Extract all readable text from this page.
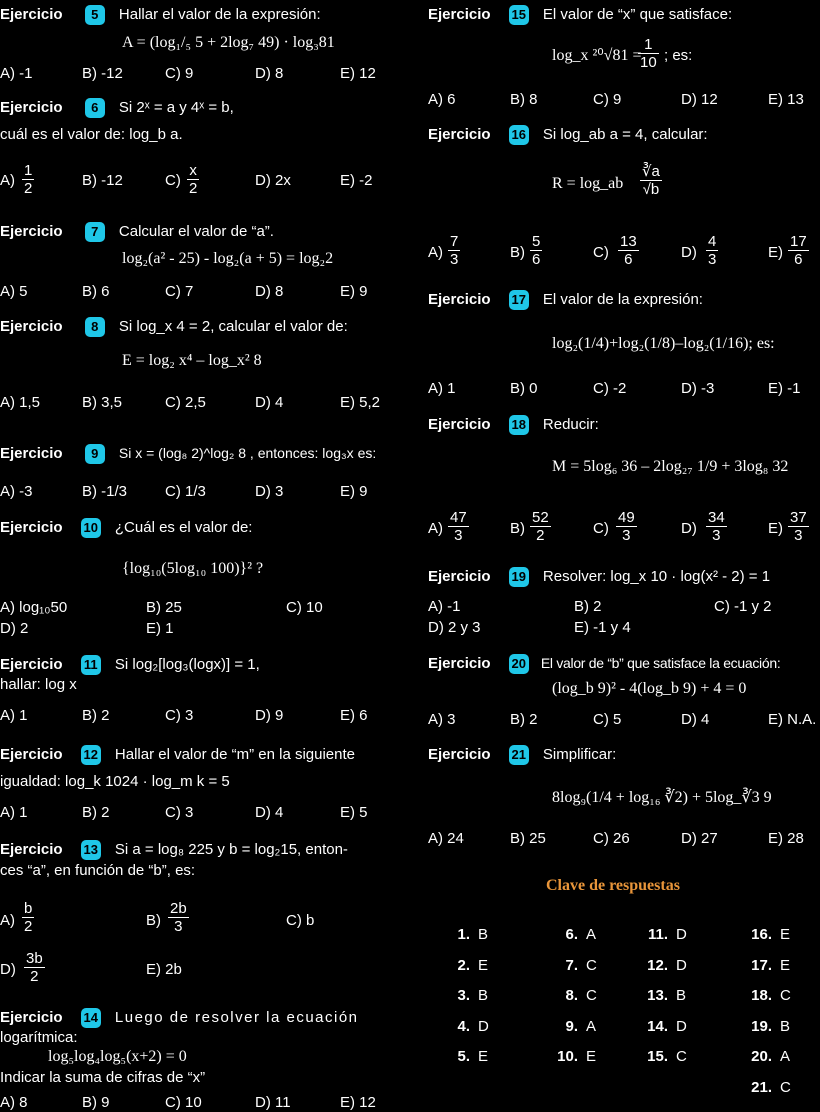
Ejercicio 5 Hallar el valor de la expresión:
A = (log₁/₅ 5 + 2log₇ 49) · log₃81
A) -1	B) -12	C) 9	D) 8	E) 12
Ejercicio 6 Si 2ˣ = a y 4ˣ = b,
cuál es el valor de: log_b a.
$A) \frac{1}{2}$	B) -12	$C) \frac{x}{2}$	D) 2x	E) -2
Ejercicio 7 Calcular el valor de “a”.
log₂(a² - 25) - log₂(a + 5) = log₂2
A) 5	B) 6	C) 7	D) 8	E) 9
Ejercicio 8 Si log_x 4 = 2, calcular el valor de:
E = log₂ x⁴ – log_x² 8
A) 1,5	B) 3,5	C) 2,5	D) 4	E) 5,2
Ejercicio 9 Si x = (log₈ 2)^log₂ 8 , entonces: log₃x es:
A) -3	B) -1/3	C) 1/3	D) 3	E) 9
Ejercicio 10 ¿Cuál es el valor de:
{log₁₀(5log₁₀ 100)}² ?
A) log₁₀50	B) 25	C) 10
D) 2	E) 1
Ejercicio 11 Si log₂[log₃(logx)] = 1,
hallar: log x
A) 1	B) 2	C) 3	D) 9	E) 6
Ejercicio 12 Hallar el valor de “m” en la siguiente
igualdad: log_k 1024 · log_m k = 5
A) 1	B) 2	C) 3	D) 4	E) 5
Ejercicio 13 Si a = log₈ 225 y b = log₂15, enton-
ces “a”, en función de “b”, es:
$A) \frac{b}{2}$	$B) \frac{2b}{3}$	C) b
$D) \frac{3b}{2}$	E) 2b
Ejercicio 14 Luego de resolver la ecuación
logarítmica:
log₅log₄log₅(x+2) = 0
Indicar la suma de cifras de “x”
A) 8	B) 9	C) 10	D) 11	E) 12
Ejercicio 15 El valor de “x” que satisface:
log_x ²⁰√81 =
$\frac{1}{10}$ ; es:
A) 6	B) 8	C) 9	D) 12	E) 13
Ejercicio 16 Si log_ab a = 4, calcular:
R = log_ab $\frac{∛a}{√b}$
$A) \frac{7}{3}$	$B) \frac{5}{6}$	$C) \frac{13}{6}$	$D) \frac{4}{3}$	$E) \frac{17}{6}$
Ejercicio 17 El valor de la expresión:
log₂(1/4)+log₂(1/8)–log₂(1/16); es:
A) 1	B) 0	C) -2	D) -3	E) -1
Ejercicio 18 Reducir:
M = 5log₆ 36 – 2log₂₇ 1/9 + 3log₈ 32
$A) \frac{47}{3}$	$B) \frac{52}{2}$	$C) \frac{49}{3}$	$D) \frac{34}{3}$	$E) \frac{37}{3}$
Ejercicio 19 Resolver: log_x 10 · log(x² - 2) = 1
A) -1	B) 2	C) -1 y 2
D) 2 y 3	E) -1 y 4
Ejercicio 20 El valor de “b” que satisface la ecuación:
(log_b 9)² - 4(log_b 9) + 4 = 0
A) 3	B) 2	C) 5	D) 4	E) N.A.
Ejercicio 21 Simplificar:
8log₉(1/4 + log₁₆ ∛2) + 5log_∛3 9
A) 24	B) 25	C) 26	D) 27	E) 28
Clave de respuestas
1. B
2. E
3. B
4. D
5. E
6. A
7. C
8. C
9. A
10. E
11. D
12. D
13. B
14. D
15. C
16. E
17. E
18. C
19. B
20. A
21. C
